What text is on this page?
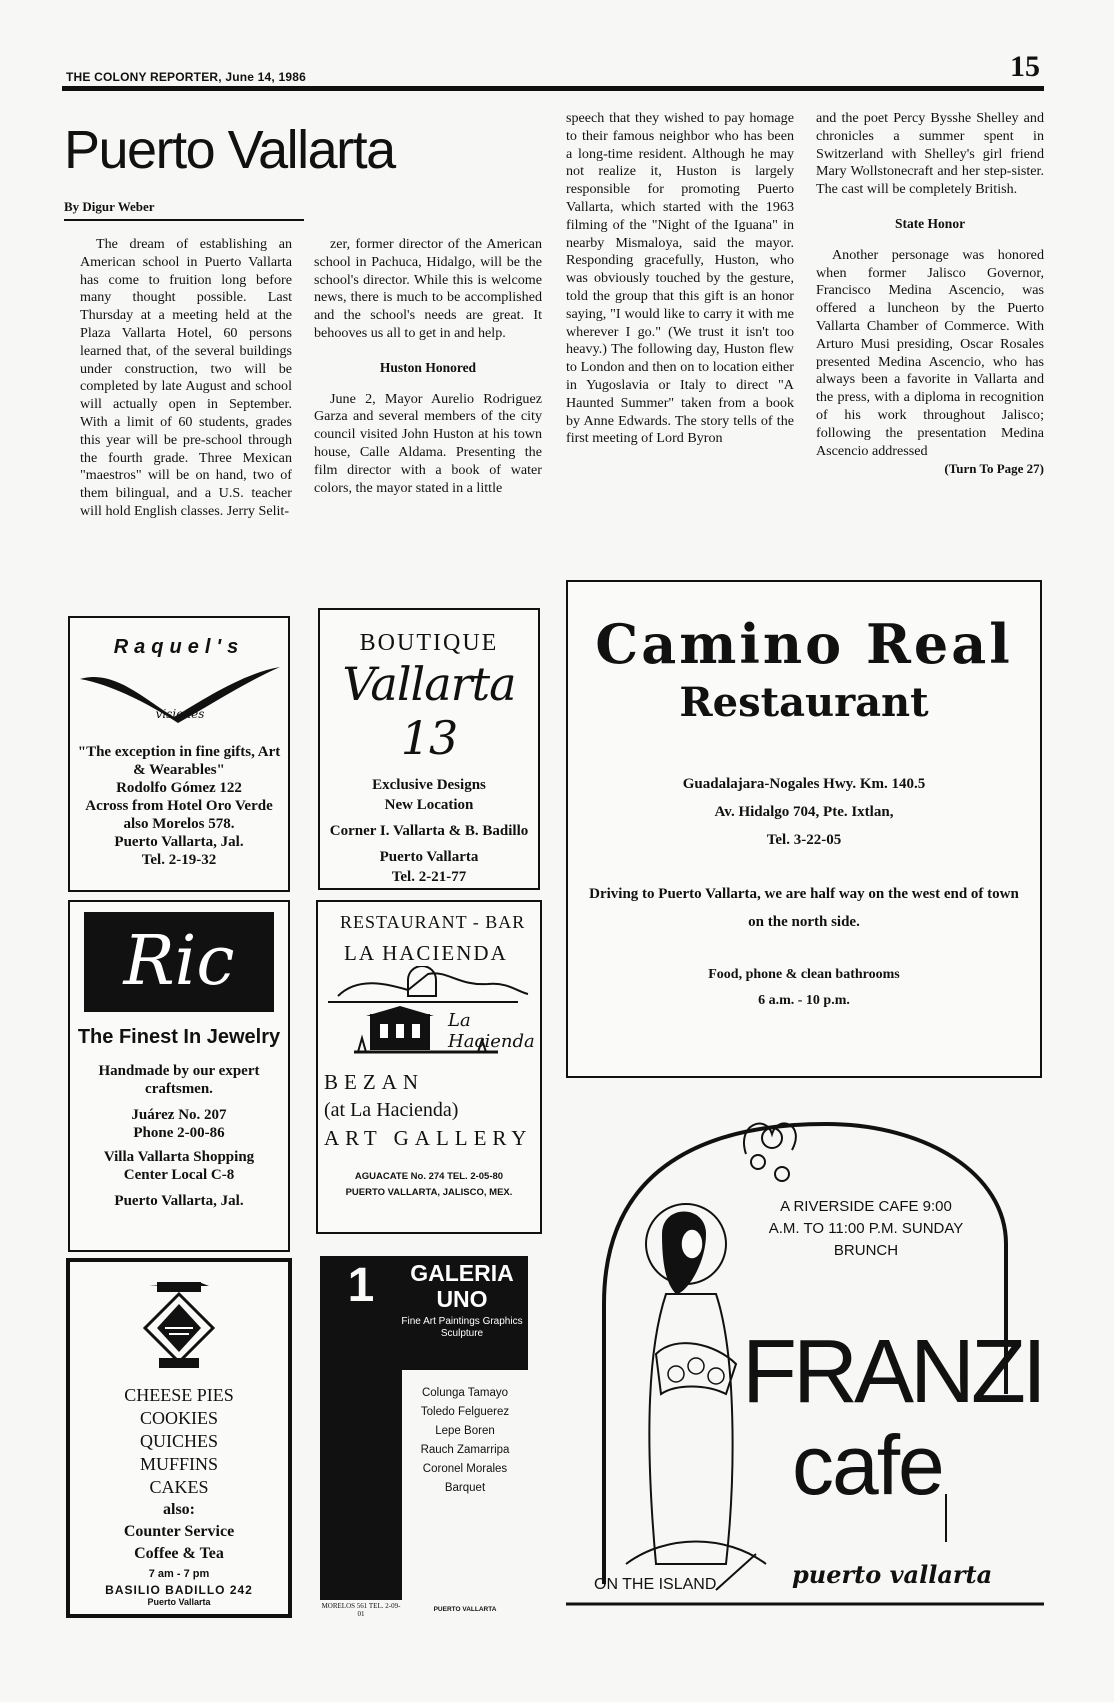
THE COLONY REPORTER, June 14, 1986	15
Puerto Vallarta
By Digur Weber

The dream of establishing an American school in Puerto Vallarta has come to fruition long before many thought possible. Last Thursday at a meeting held at the Plaza Vallarta Hotel, 60 persons learned that, of the several buildings under construction, two will be completed by late August and school will actually open in September. With a limit of 60 students, grades this year will be pre-school through the fourth grade. Three Mexican "maestros" will be on hand, two of them bilingual, and a U.S. teacher will hold English classes. Jerry Selit-

zer, former director of the American school in Pachuca, Hidalgo, will be the school's director. While this is welcome news, there is much to be accomplished and the school's needs are great. It behooves us all to get in and help.

Huston Honored

June 2, Mayor Aurelio Rodriguez Garza and several members of the city council visited John Huston at his town house, Calle Aldama. Presenting the film director with a book of water colors, the mayor stated in a little

speech that they wished to pay homage to their famous neighbor who has been a long-time resident. Although he may not realize it, Huston is largely responsible for promoting Puerto Vallarta, which started with the 1963 filming of the "Night of the Iguana" in nearby Mismaloya, said the mayor. Responding gracefully, Huston, who was obviously touched by the gesture, told the group that this gift is an honor saying, "I would like to carry it with me wherever I go." (We trust it isn't too heavy.) The following day, Huston flew to London and then on to location either in Yugoslavia or Italy to direct "A Haunted Summer" taken from a book by Anne Edwards. The story tells of the first meeting of Lord Byron

and the poet Percy Bysshe Shelley and chronicles a summer spent in Switzerland with Shelley's girl friend Mary Wollstonecraft and her step-sister. The cast will be completely British.

State Honor

Another personage was honored when former Jalisco Governor, Francisco Medina Ascencio, was offered a luncheon by the Puerto Vallarta Chamber of Commerce. With Arturo Musi presiding, Oscar Rosales presented Medina Ascencio, who has always been a favorite in Vallarta and the press, with a diploma in recognition of his work throughout Jalisco; following the presentation Medina Ascencio addressed

(Turn To Page 27)
Raquel's
visiones
"The exception in fine gifts, Art & Wearables"
Rodolfo Gómez 122
Across from Hotel Oro Verde also Morelos 578.
Puerto Vallarta, Jal.
Tel. 2-19-32
BOUTIQUE
Vallarta 13
Exclusive Designs
New Location
Corner I. Vallarta & B. Badillo
Puerto Vallarta
Tel. 2-21-77
Camino Real
Restaurant
Guadalajara-Nogales Hwy. Km. 140.5
Av. Hidalgo 704, Pte. Ixtlan,
Tel. 3-22-05
Driving to Puerto Vallarta, we are half way on the west end of town on the north side.
Food, phone & clean bathrooms
6 a.m. - 10 p.m.
Ric
The Finest In Jewelry
Handmade by our expert craftsmen.
Juárez No. 207
Phone 2-00-86
Villa Vallarta Shopping Center Local C-8
Puerto Vallarta, Jal.
RESTAURANT - BAR
LA HACIENDA
La Hacienda
BEZAN
(at La Hacienda)
ART GALLERY
AGUACATE No. 274 TEL. 2-05-80
PUERTO VALLARTA, JALISCO, MEX.
CHEESE PIES
COOKIES
QUICHES
MUFFINS
CAKES
also:
Counter Service
Coffee & Tea
7 am - 7 pm
BASILIO BADILLO 242
Puerto Vallarta
1	GALERIA
UNO
Fine Art Paintings Graphics Sculpture
Colunga Tamayo Toledo Felguerez Lepe Boren Rauch Zamarripa Coronel Morales Barquet
MORELOS 561 TEL. 2-09-01
PUERTO VALLARTA
A RIVERSIDE CAFE 9:00 A.M. TO 11:00 P.M. SUNDAY BRUNCH
FRANZI
cafe
ON THE ISLAND	puerto vallarta
